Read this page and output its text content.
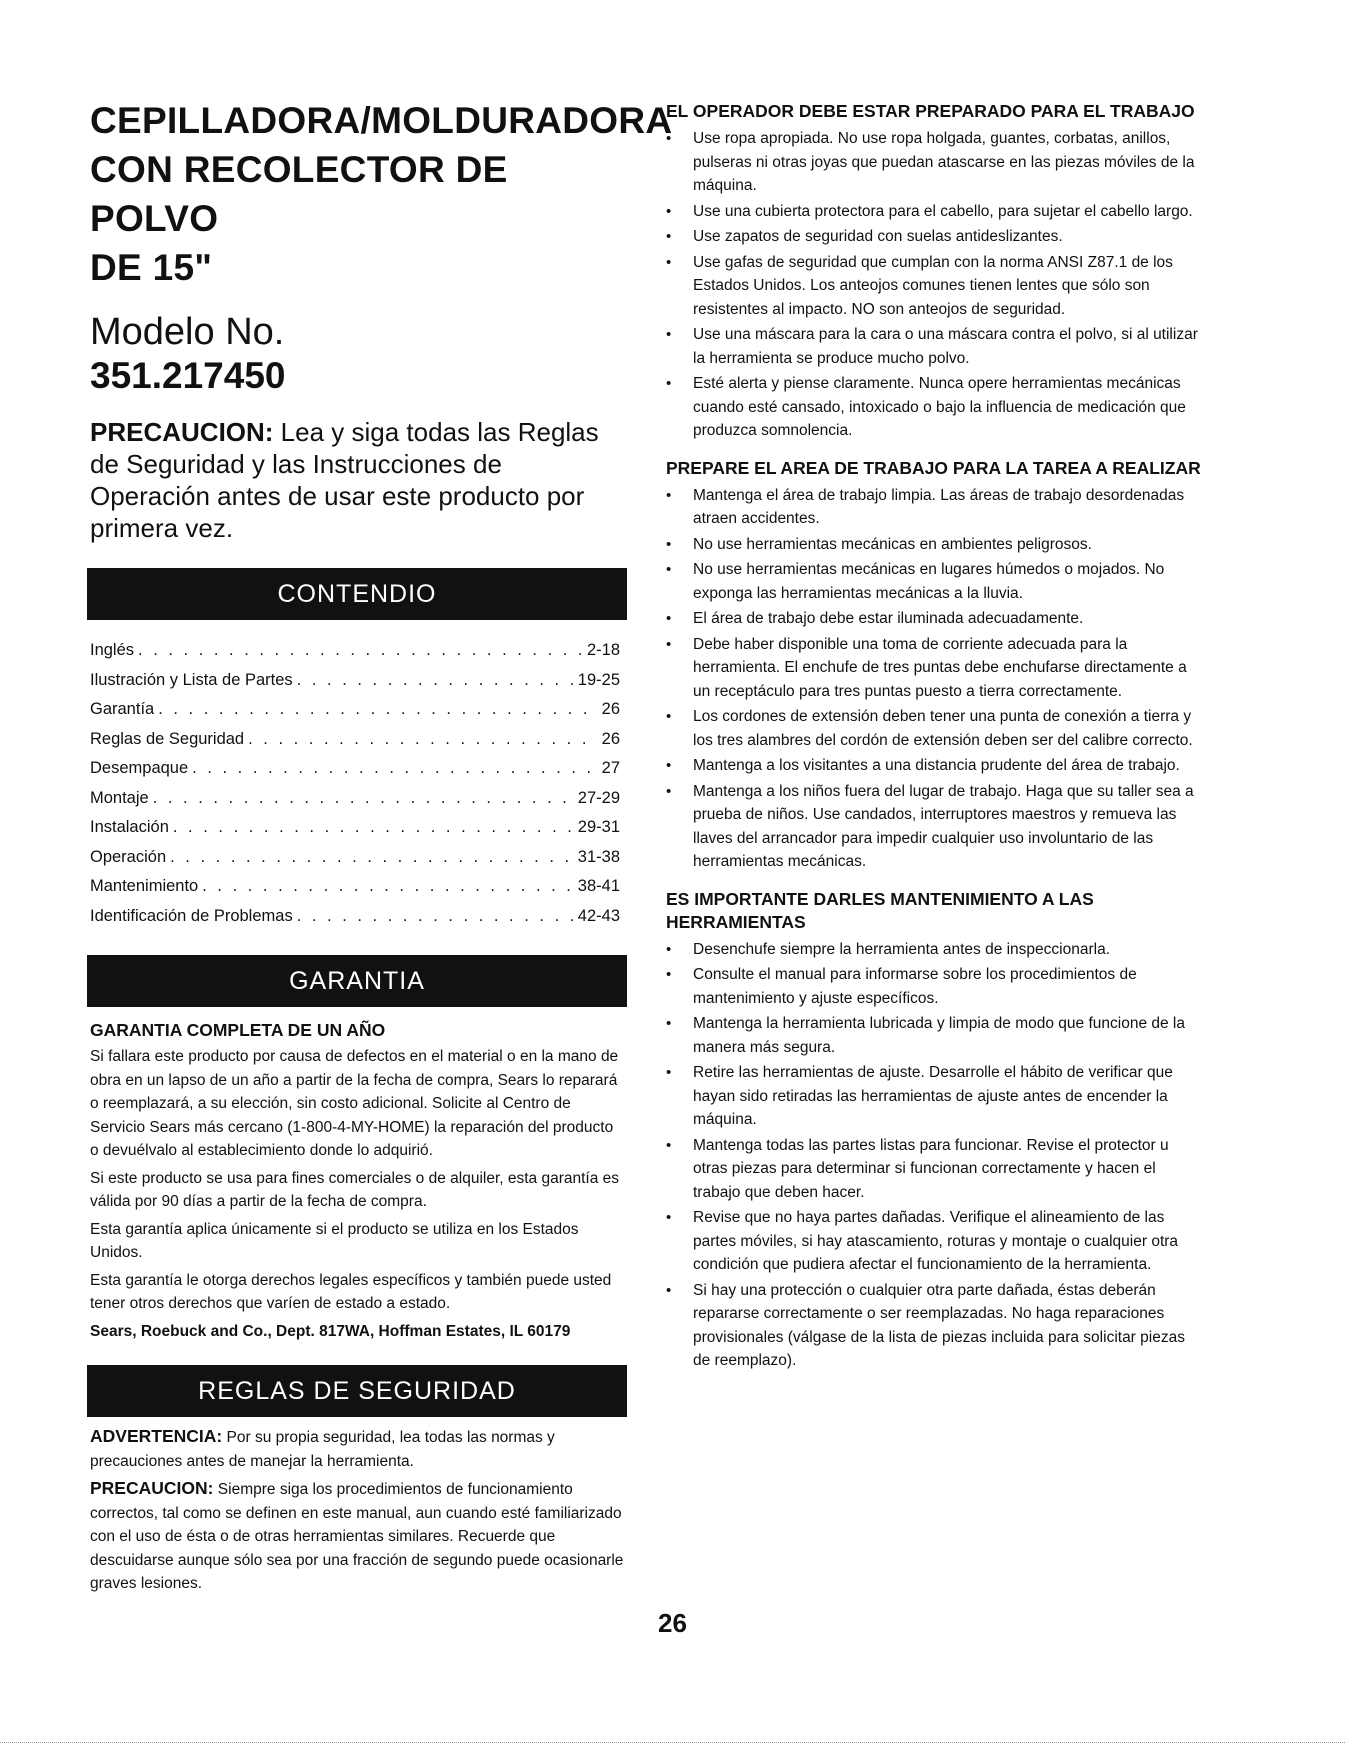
CEPILLADORA/MOLDURADORA
CON RECOLECTOR DE POLVO
DE 15"
Modelo No.
351.217450
PRECAUCION: Lea y siga todas las Reglas de Seguridad y las Instrucciones de Operación antes de usar este producto por primera vez.
CONTENDIO
Inglés . . .	2-18
Ilustración y Lista de Partes . . .	19-25
Garantía . . .	26
Reglas de Seguridad . . .	26
Desempaque . . .	27
Montaje . . .	27-29
Instalación . . .	29-31
Operación . . .	31-38
Mantenimiento . . .	38-41
Identificación de Problemas . . .	42-43
GARANTIA
GARANTIA COMPLETA DE UN AÑO

Si fallara este producto por causa de defectos en el material o en la mano de obra en un lapso de un año a partir de la fecha de compra, Sears lo reparará o reemplazará, a su elección, sin costo adicional. Solicite al Centro de Servicio Sears más cercano (1-800-4-MY-HOME) la reparación del producto o devuélvalo al establecimiento donde lo adquirió.

Si este producto se usa para fines comerciales o de alquiler, esta garantía es válida por 90 días a partir de la fecha de compra.

Esta garantía aplica únicamente si el producto se utiliza en los Estados Unidos.

Esta garantía le otorga derechos legales específicos y también puede usted tener otros derechos que varíen de estado a estado.

Sears, Roebuck and Co., Dept. 817WA, Hoffman Estates, IL 60179

REGLAS DE SEGURIDAD

ADVERTENCIA: Por su propia seguridad, lea todas las normas y precauciones antes de manejar la herramienta.

PRECAUCION: Siempre siga los procedimientos de funcionamiento correctos, tal como se definen en este manual, aun cuando esté familiarizado con el uso de ésta o de otras herramientas similares. Recuerde que descuidarse aunque sólo sea por una fracción de segundo puede ocasionarle graves lesiones.

EL OPERADOR DEBE ESTAR PREPARADO PARA EL TRABAJO
• Use ropa apropiada. No use ropa holgada, guantes, corbatas, anillos, pulseras ni otras joyas que puedan atascarse en las piezas móviles de la máquina.
• Use una cubierta protectora para el cabello, para sujetar el cabello largo.
• Use zapatos de seguridad con suelas antideslizantes.
• Use gafas de seguridad que cumplan con la norma ANSI Z87.1 de los Estados Unidos. Los anteojos comunes tienen lentes que sólo son resistentes al impacto. NO son anteojos de seguridad.
• Use una máscara para la cara o una máscara contra el polvo, si al utilizar la herramienta se produce mucho polvo.
• Esté alerta y piense claramente. Nunca opere herramientas mecánicas cuando esté cansado, intoxicado o bajo la influencia de medicación que produzca somnolencia.
PREPARE EL AREA DE TRABAJO PARA LA TAREA A REALIZAR
• Mantenga el área de trabajo limpia. Las áreas de trabajo desordenadas atraen accidentes.
• No use herramientas mecánicas en ambientes peligrosos.
• No use herramientas mecánicas en lugares húmedos o mojados. No exponga las herramientas mecánicas a la lluvia.
• El área de trabajo debe estar iluminada adecuadamente.
• Debe haber disponible una toma de corriente adecuada para la herramienta. El enchufe de tres puntas debe enchufarse directamente a un receptáculo para tres puntas puesto a tierra correctamente.
• Los cordones de extensión deben tener una punta de conexión a tierra y los tres alambres del cordón de extensión deben ser del calibre correcto.
• Mantenga a los visitantes a una distancia prudente del área de trabajo.
• Mantenga a los niños fuera del lugar de trabajo. Haga que su taller sea a prueba de niños. Use candados, interruptores maestros y remueva las llaves del arrancador para impedir cualquier uso involuntario de las herramientas mecánicas.
ES IMPORTANTE DARLES MANTENIMIENTO A LAS HERRAMIENTAS
• Desenchufe siempre la herramienta antes de inspeccionarla.
• Consulte el manual para informarse sobre los procedimientos de mantenimiento y ajuste específicos.
• Mantenga la herramienta lubricada y limpia de modo que funcione de la manera más segura.
• Retire las herramientas de ajuste. Desarrolle el hábito de verificar que hayan sido retiradas las herramientas de ajuste antes de encender la máquina.
• Mantenga todas las partes listas para funcionar. Revise el protector u otras piezas para determinar si funcionan correctamente y hacen el trabajo que deben hacer.
• Revise que no haya partes dañadas. Verifique el alineamiento de las partes móviles, si hay atascamiento, roturas y montaje o cualquier otra condición que pudiera afectar el funcionamiento de la herramienta.
• Si hay una protección o cualquier otra parte dañada, éstas deberán repararse correctamente o ser reemplazadas. No haga reparaciones provisionales (válgase de la lista de piezas incluida para solicitar piezas de reemplazo).
26
